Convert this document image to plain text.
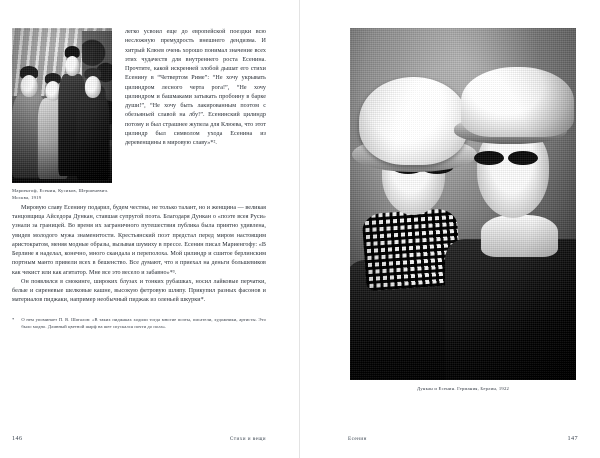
Мариенгоф, Есенин, Кусиков, Шершеневич. Москва, 1919

легко усвоил еще до европейской поездки всю несложную премудрость внешнего дендизма. И хитрый Клюев очень хорошо понимал значение всех этих чудачеств для внутреннего роста Есенина. Прочтите, какой искренней злобой дышат его стихи Есенину в “Четвертом Риме”: “Не хочу укрывать цилиндром лесного черта рога!”, “Не хочу цилиндром и башмаками затыкать пробоину в барке души!”, “Не хочу быть лакированным поэтом с обезьяньей славой на лбу!”. Есенинский цилиндр потому и был страшнее жупела для Клюева, что этот цилиндр был символом ухода Есенина из деревенщины в мировую славу»*².

Мировую славу Есенину подарил, будем честны, не только талант, но и женщина — великая танцовщица Айседора Дункан, ставшая супругой поэта. Благодаря Дункан о «поэте всея Руси» узнали за границей. Во время их заграничного путешествия публика была приятно удивлена, увидев молодого мужа знаменитости. Крестьянский поэт предстал перед миром настоящим аристократом, меняя модные образы, вызывая шумиху в прессе. Есенин писал Мариенгофу: «В Берлине я наделал, конечно, много скандала и переполоха. Мой цилиндр и сшитое берлинским портным манто привели всех в бешенство. Все думают, что я приехал на деньги большевиков как чекист или как агитатор. Мне все это весело и забавно»*³.

Он появлялся в смокинге, широких блузах и тонких рубашках, носил лайковые перчатки, белые и сиреневые шелковые кашне, высокую фетровую шляпу. Прикупил разных фасонов и материалов пиджаки, например необычный пиджак из оленьей шкурки*.

* О нем упоминает П. В. Шаталов: «В таких пиджаках ходили тогда многие поэты, писатели, художники, артисты. Это было модно. Длинный цветной шарф на шее спускался почти до пола».
146	Стихи и вещи
Дункан и Есенин. Германия, Берлин, 1922
Есенин	147
